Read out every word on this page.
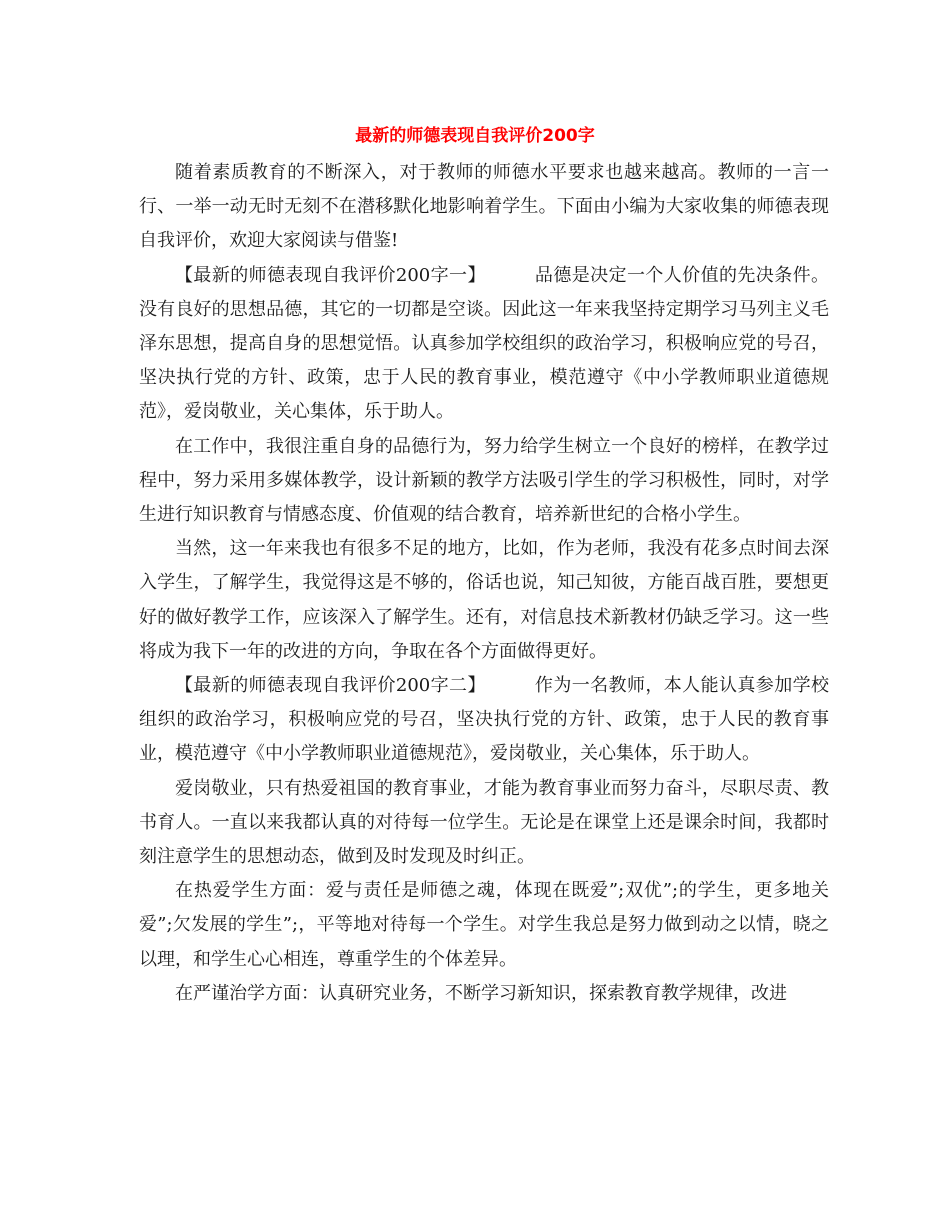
最新的师德表现自我评价200字

随着素质教育的不断深入，对于教师的师德水平要求也越来越高。教师的一言一行、一举一动无时无刻不在潜移默化地影响着学生。下面由小编为大家收集的师德表现自我评价，欢迎大家阅读与借鉴!

【最新的师德表现自我评价200字一】	品德是决定一个人价值的先决条件。没有良好的思想品德，其它的一切都是空谈。因此这一年来我坚持定期学习马列主义毛泽东思想，提高自身的思想觉悟。认真参加学校组织的政治学习，积极响应党的号召，坚决执行党的方针、政策，忠于人民的教育事业，模范遵守《中小学教师职业道德规范》，爱岗敬业，关心集体，乐于助人。

在工作中，我很注重自身的品德行为，努力给学生树立一个良好的榜样，在教学过程中，努力采用多媒体教学，设计新颖的教学方法吸引学生的学习积极性，同时，对学生进行知识教育与情感态度、价值观的结合教育，培养新世纪的合格小学生。

当然，这一年来我也有很多不足的地方，比如，作为老师，我没有花多点时间去深入学生，了解学生，我觉得这是不够的，俗话也说，知己知彼，方能百战百胜，要想更好的做好教学工作，应该深入了解学生。还有，对信息技术新教材仍缺乏学习。这一些将成为我下一年的改进的方向，争取在各个方面做得更好。

【最新的师德表现自我评价200字二】	作为一名教师，本人能认真参加学校组织的政治学习，积极响应党的号召，坚决执行党的方针、政策，忠于人民的教育事业，模范遵守《中小学教师职业道德规范》，爱岗敬业，关心集体，乐于助人。

爱岗敬业，只有热爱祖国的教育事业，才能为教育事业而努力奋斗，尽职尽责、教书育人。一直以来我都认真的对待每一位学生。无论是在课堂上还是课余时间，我都时刻注意学生的思想动态，做到及时发现及时纠正。

在热爱学生方面：爱与责任是师德之魂，体现在既爱”;双优”;的学生，更多地关爱”;欠发展的学生”;，平等地对待每一个学生。对学生我总是努力做到动之以情，晓之以理，和学生心心相连，尊重学生的个体差异。

在严谨治学方面：认真研究业务，不断学习新知识，探索教育教学规律，改进
